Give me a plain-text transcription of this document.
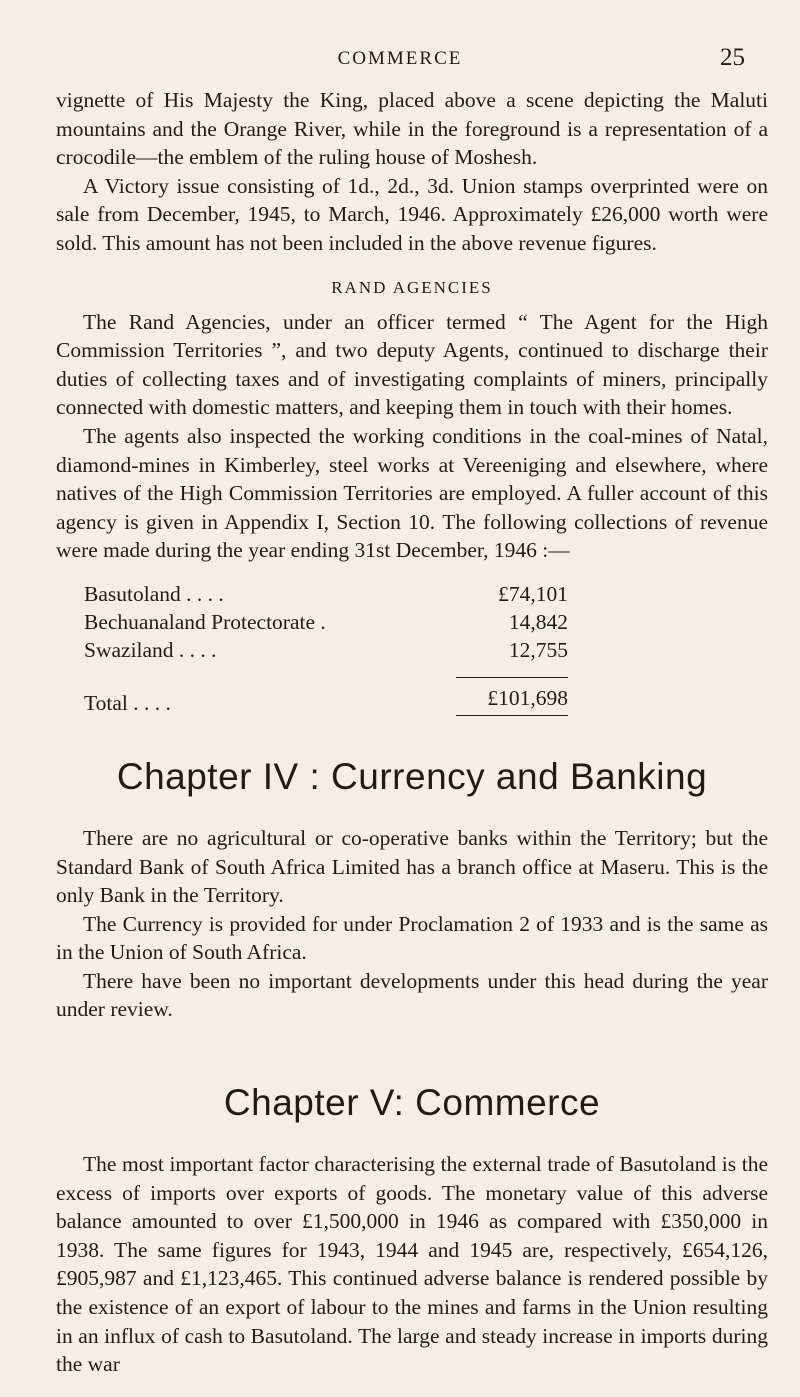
COMMERCE	25

vignette of His Majesty the King, placed above a scene depicting the Maluti mountains and the Orange River, while in the foreground is a representation of a crocodile—the emblem of the ruling house of Moshesh.

A Victory issue consisting of 1d., 2d., 3d. Union stamps overprinted were on sale from December, 1945, to March, 1946. Approximately £26,000 worth were sold. This amount has not been included in the above revenue figures.

RAND AGENCIES

The Rand Agencies, under an officer termed “ The Agent for the High Commission Territories ”, and two deputy Agents, continued to discharge their duties of collecting taxes and of investigating complaints of miners, principally connected with domestic matters, and keeping them in touch with their homes.

The agents also inspected the working conditions in the coal-mines of Natal, diamond-mines in Kimberley, steel works at Vereeniging and elsewhere, where natives of the High Commission Territories are employed. A fuller account of this agency is given in Appendix I, Section 10. The following collections of revenue were made during the year ending 31st December, 1946 :—

Basutoland . . . .	£74,101
Bechuanaland Protectorate .	14,842
Swaziland . . . .	12,755

Total . . . .	£101,698
Chapter IV : Currency and Banking

There are no agricultural or co-operative banks within the Territory; but the Standard Bank of South Africa Limited has a branch office at Maseru. This is the only Bank in the Territory.

The Currency is provided for under Proclamation 2 of 1933 and is the same as in the Union of South Africa.

There have been no important developments under this head during the year under review.

Chapter V: Commerce

The most important factor characterising the external trade of Basutoland is the excess of imports over exports of goods. The monetary value of this adverse balance amounted to over £1,500,000 in 1946 as compared with £350,000 in 1938. The same figures for 1943, 1944 and 1945 are, respectively, £654,126, £905,987 and £1,123,465. This continued adverse balance is rendered possible by the existence of an export of labour to the mines and farms in the Union resulting in an influx of cash to Basutoland. The large and steady increase in imports during the war
